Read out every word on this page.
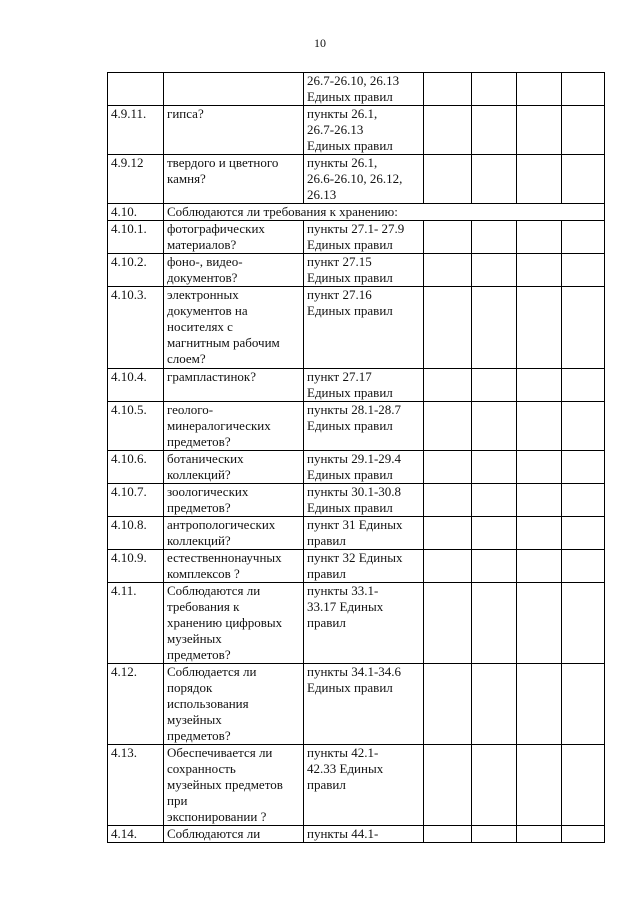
10
		26.7-26.10, 26.13
Единых правил				
4.9.11.	гипса?	пункты 26.1,
26.7-26.13
Единых правил				
4.9.12	твердого и цветного
камня?	пункты 26.1,
26.6-26.10, 26.12,
26.13				
4.10.	Соблюдаются ли требования к хранению:					
4.10.1.	фотографических
материалов?	пункты 27.1- 27.9
Единых правил				
4.10.2.	фоно-, видео-
документов?	пункт 27.15
Единых правил				
4.10.3.	электронных
документов на
носителях с
магнитным рабочим
слоем?	пункт 27.16
Единых правил				
4.10.4.	грампластинок?	пункт 27.17
Единых правил				
4.10.5.	геолого-
минералогических
предметов?	пункты 28.1-28.7
Единых правил				
4.10.6.	ботанических
коллекций?	пункты 29.1-29.4
Единых правил				
4.10.7.	зоологических
предметов?	пункты 30.1-30.8
Единых правил				
4.10.8.	антропологических
коллекций?	пункт 31 Единых
правил				
4.10.9.	естественнонаучных
комплексов ?	пункт 32 Единых
правил				
4.11.	Соблюдаются ли
требования к
хранению цифровых
музейных
предметов?	пункты 33.1-
33.17 Единых
правил				
4.12.	Соблюдается ли
порядок
использования
музейных
предметов?	пункты 34.1-34.6
Единых правил				
4.13.	Обеспечивается ли
сохранность
музейных предметов
при
экспонировании ?	пункты 42.1-
42.33 Единых
правил				
4.14.	Соблюдаются ли	пункты 44.1-				
